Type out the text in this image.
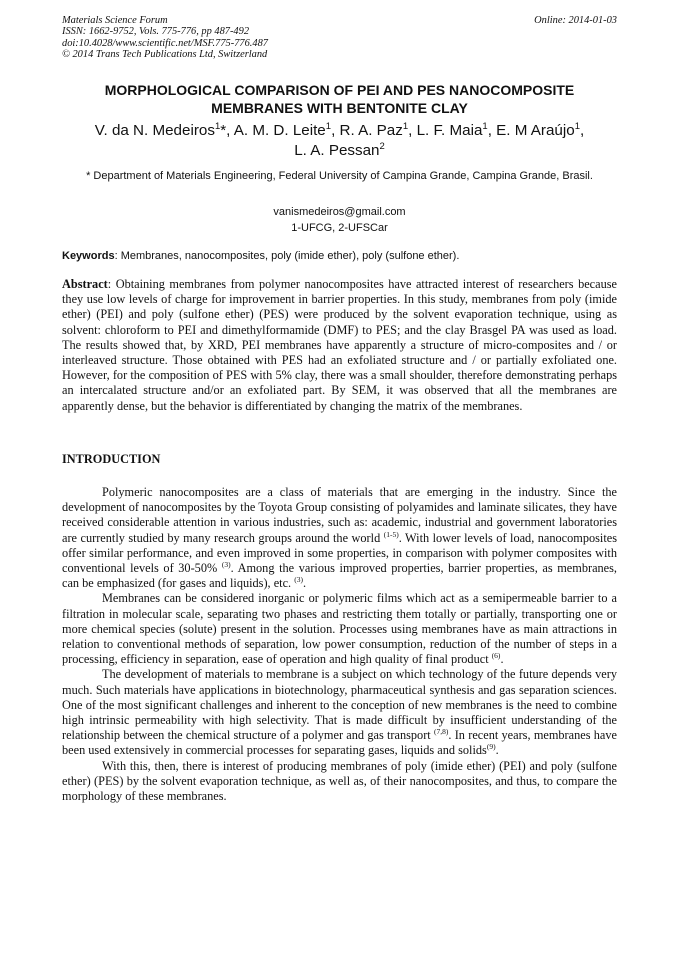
Materials Science Forum
ISSN: 1662-9752, Vols. 775-776, pp 487-492
doi:10.4028/www.scientific.net/MSF.775-776.487
© 2014 Trans Tech Publications Ltd, Switzerland
Online: 2014-01-03
MORPHOLOGICAL COMPARISON OF PEI AND PES NANOCOMPOSITE
MEMBRANES WITH BENTONITE CLAY
V. da N. Medeiros$^1$*, A. M. D. Leite$^1$, R. A. Paz$^1$, L. F. Maia$^1$, E. M Araújo$^1$,
L. A. Pessan$^2$
* Department of Materials Engineering, Federal University of Campina Grande, Campina Grande, Brasil.
vanismedeiros@gmail.com
1-UFCG, 2-UFSCar
Keywords: Membranes, nanocomposites, poly (imide ether), poly (sulfone ether).
Abstract: Obtaining membranes from polymer nanocomposites have attracted interest of researchers because they use low levels of charge for improvement in barrier properties. In this study, membranes from poly (imide ether) (PEI) and poly (sulfone ether) (PES) were produced by the solvent evaporation technique, using as solvent: chloroform to PEI and dimethylformamide (DMF) to PES; and the clay Brasgel PA was used as load. The results showed that, by XRD, PEI membranes have apparently a structure of micro-composites and / or interleaved structure. Those obtained with PES had an exfoliated structure and / or partially exfoliated one. However, for the composition of PES with 5% clay, there was a small shoulder, therefore demonstrating perhaps an intercalated structure and/or an exfoliated part. By SEM, it was observed that all the membranes are apparently dense, but the behavior is differentiated by changing the matrix of the membranes.
INTRODUCTION

Polymeric nanocomposites are a class of materials that are emerging in the industry. Since the development of nanocomposites by the Toyota Group consisting of polyamides and laminate silicates, they have received considerable attention in various industries, such as: academic, industrial and government laboratories are currently studied by many research groups around the world $^{(1-5)}$. With lower levels of load, nanocomposites offer similar performance, and even improved in some properties, in comparison with polymer composites with conventional levels of 30-50% $^{(3)}$. Among the various improved properties, barrier properties, as membranes, can be emphasized (for gases and liquids), etc. $^{(3)}$.

Membranes can be considered inorganic or polymeric films which act as a semipermeable barrier to a filtration in molecular scale, separating two phases and restricting them totally or partially, transporting one or more chemical species (solute) present in the solution. Processes using membranes have as main attractions in relation to conventional methods of separation, low power consumption, reduction of the number of steps in a processing, efficiency in separation, ease of operation and high quality of final product $^{(6)}$.

The development of materials to membrane is a subject on which technology of the future depends very much. Such materials have applications in biotechnology, pharmaceutical synthesis and gas separation sciences. One of the most significant challenges and inherent to the conception of new membranes is the need to combine high intrinsic permeability with high selectivity. That is made difficult by insufficient understanding of the relationship between the chemical structure of a polymer and gas transport $^{(7,8)}$. In recent years, membranes have been used extensively in commercial processes for separating gases, liquids and solids$^{(9)}$.

With this, then, there is interest of producing membranes of poly (imide ether) (PEI) and poly (sulfone ether) (PES) by the solvent evaporation technique, as well as, of their nanocomposites, and thus, to compare the morphology of these membranes.
